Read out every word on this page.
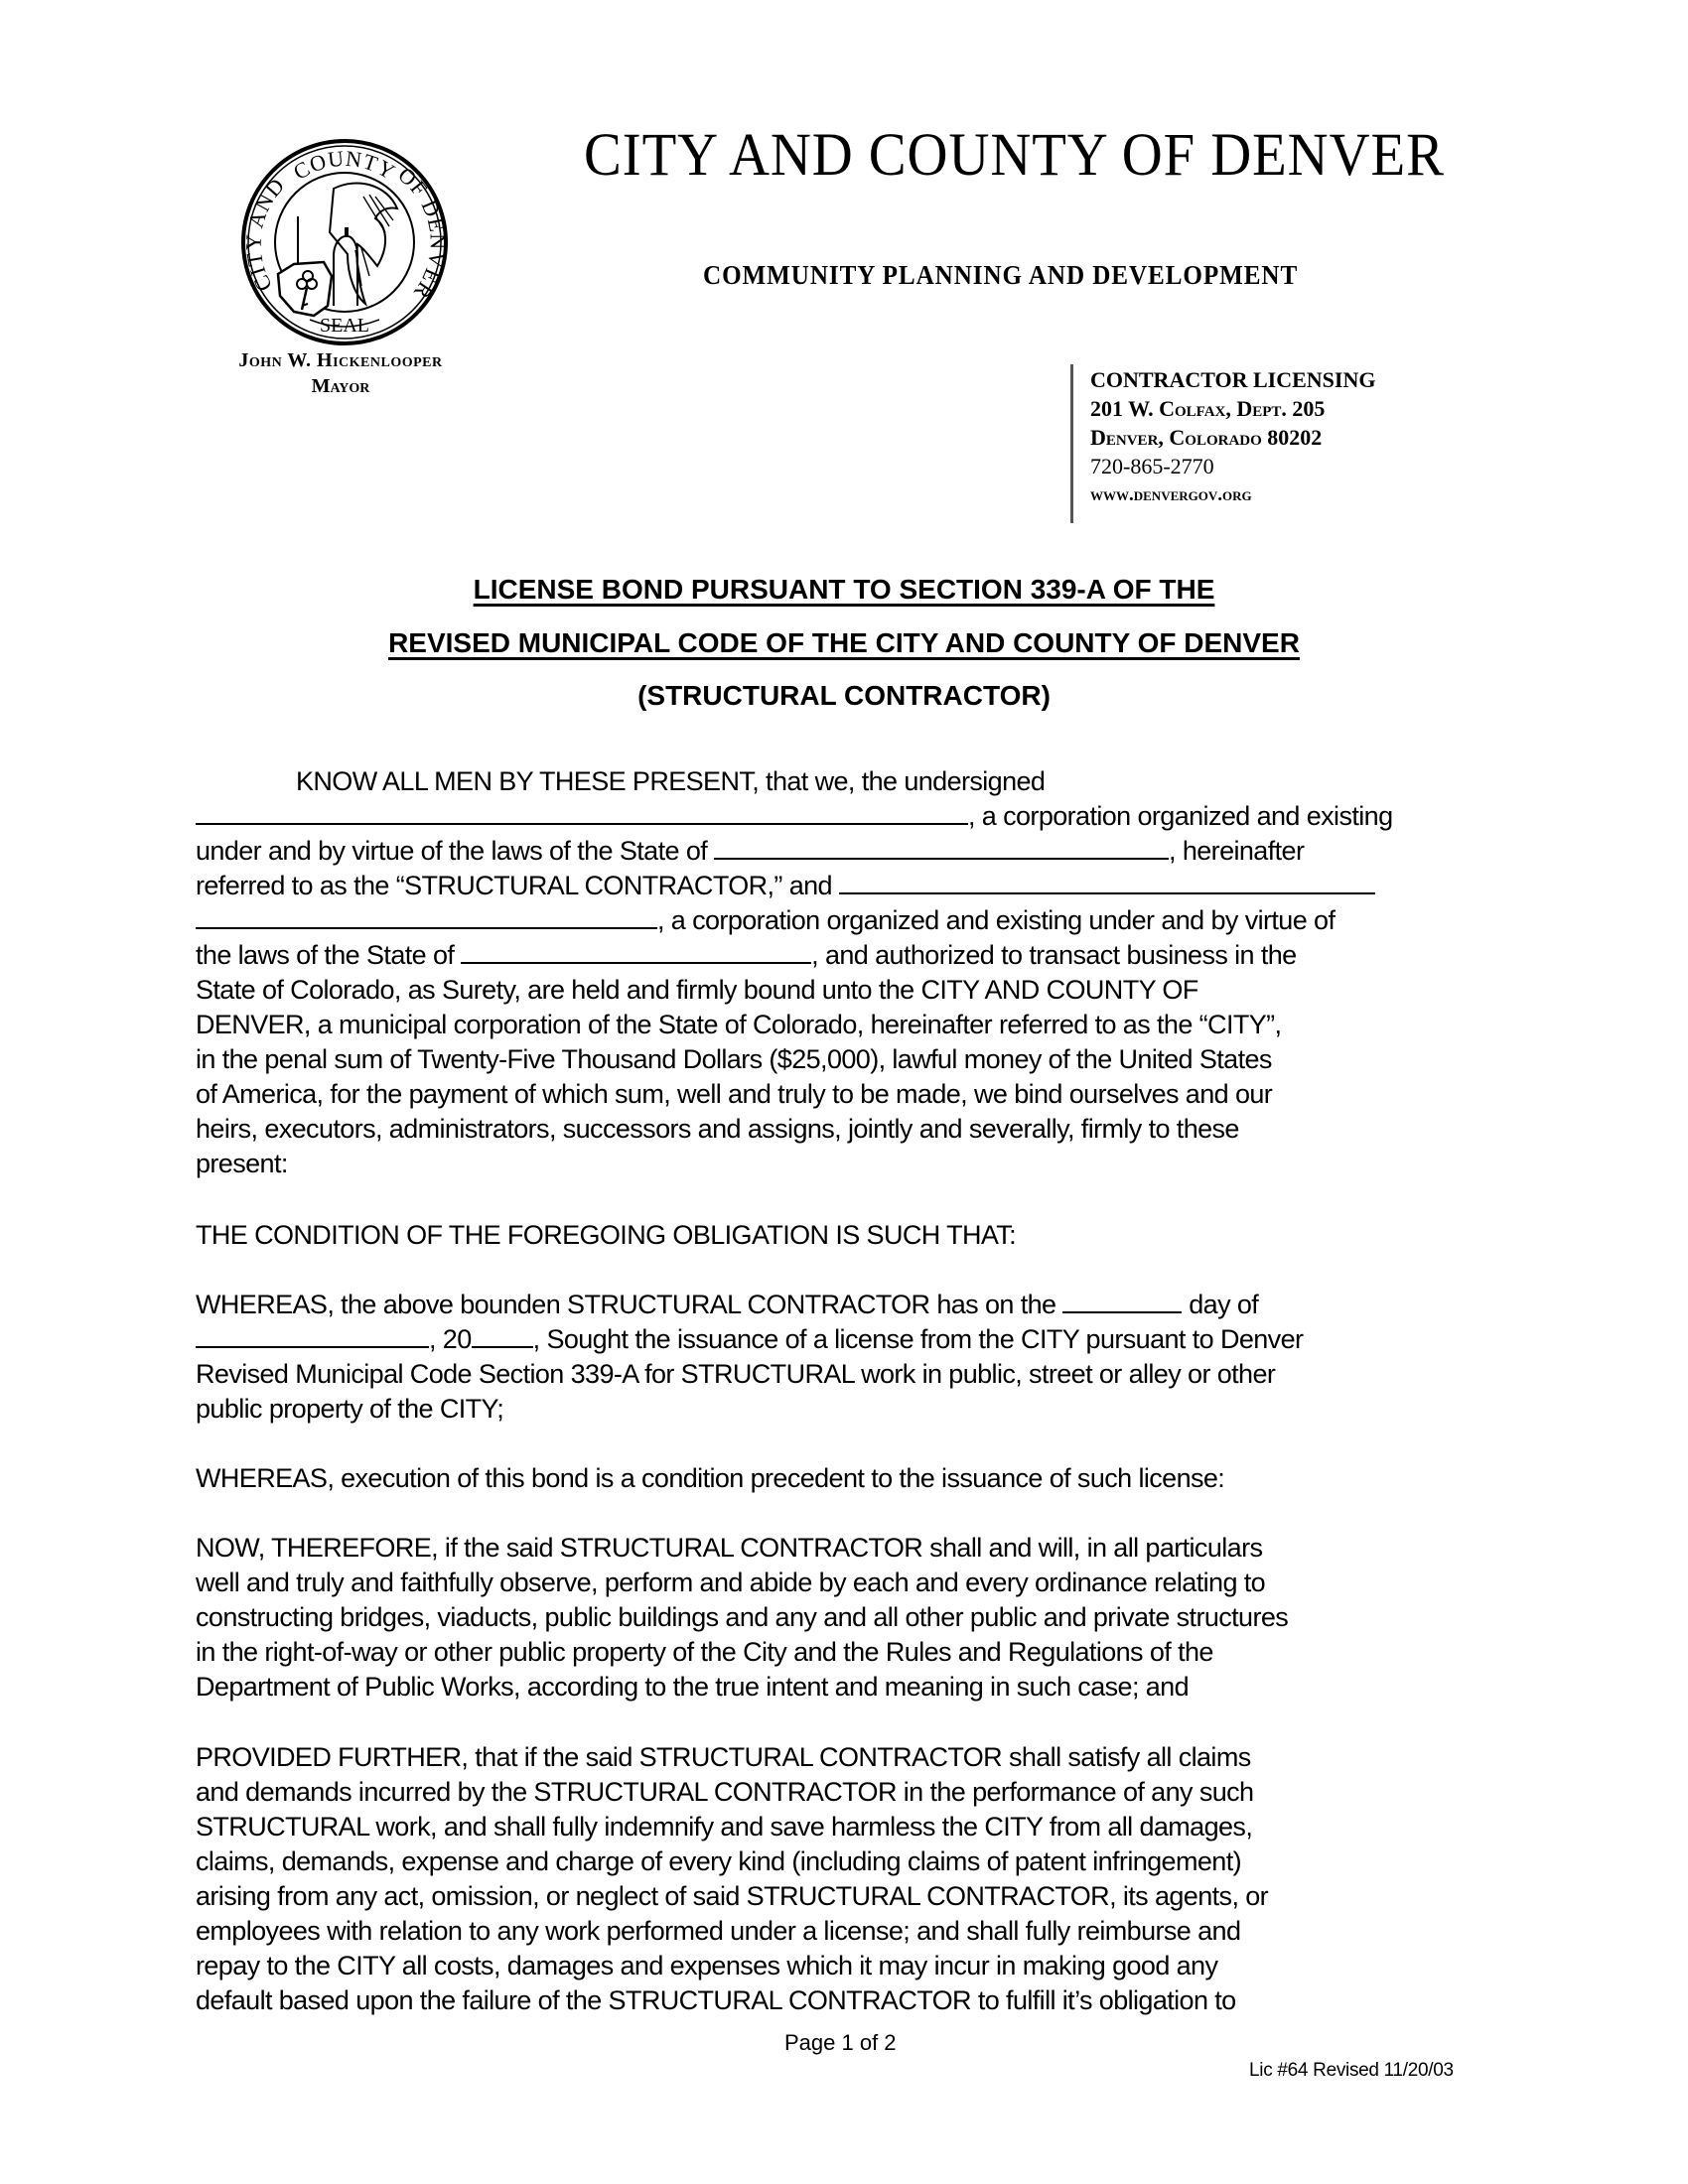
COUNTY
CITY AND	OF DENVER
SEAL
John W. Hickenlooper
Mayor
CITY AND COUNTY OF DENVER
COMMUNITY PLANNING AND DEVELOPMENT
CONTRACTOR LICENSING
201 W. Colfax, Dept. 205
Denver, Colorado 80202
720-865-2770
www.denvergov.org
LICENSE BOND PURSUANT TO SECTION 339-A OF THE
REVISED MUNICIPAL CODE OF THE CITY AND COUNTY OF DENVER
(STRUCTURAL CONTRACTOR)
KNOW ALL MEN BY THESE PRESENT, that we, the undersigned
, a corporation organized and existing
under and by virtue of the laws of the State of	, hereinafter
referred to as the “STRUCTURAL CONTRACTOR,” and
, a corporation organized and existing under and by virtue of
the laws of the State of	, and authorized to transact business in the
State of Colorado, as Surety, are held and firmly bound unto the CITY AND COUNTY OF
DENVER, a municipal corporation of the State of Colorado, hereinafter referred to as the “CITY”,
in the penal sum of Twenty-Five Thousand Dollars ($25,000), lawful money of the United States
of America, for the payment of which sum, well and truly to be made, we bind ourselves and our
heirs, executors, administrators, successors and assigns, jointly and severally, firmly to these
present:
THE CONDITION OF THE FOREGOING OBLIGATION IS SUCH THAT:
WHEREAS, the above bounden STRUCTURAL CONTRACTOR has on the	day of
, 20 , Sought the issuance of a license from the CITY pursuant to Denver
Revised Municipal Code Section 339-A for STRUCTURAL work in public, street or alley or other
public property of the CITY;
WHEREAS, execution of this bond is a condition precedent to the issuance of such license:
NOW, THEREFORE, if the said STRUCTURAL CONTRACTOR shall and will, in all particulars
well and truly and faithfully observe, perform and abide by each and every ordinance relating to
constructing bridges, viaducts, public buildings and any and all other public and private structures
in the right-of-way or other public property of the City and the Rules and Regulations of the
Department of Public Works, according to the true intent and meaning in such case; and
PROVIDED FURTHER, that if the said STRUCTURAL CONTRACTOR shall satisfy all claims
and demands incurred by the STRUCTURAL CONTRACTOR in the performance of any such
STRUCTURAL work, and shall fully indemnify and save harmless the CITY from all damages,
claims, demands, expense and charge of every kind (including claims of patent infringement)
arising from any act, omission, or neglect of said STRUCTURAL CONTRACTOR, its agents, or
employees with relation to any work performed under a license; and shall fully reimburse and
repay to the CITY all costs, damages and expenses which it may incur in making good any
default based upon the failure of the STRUCTURAL CONTRACTOR to fulfill it’s obligation to
Page 1 of 2
Lic #64 Revised 11/20/03
